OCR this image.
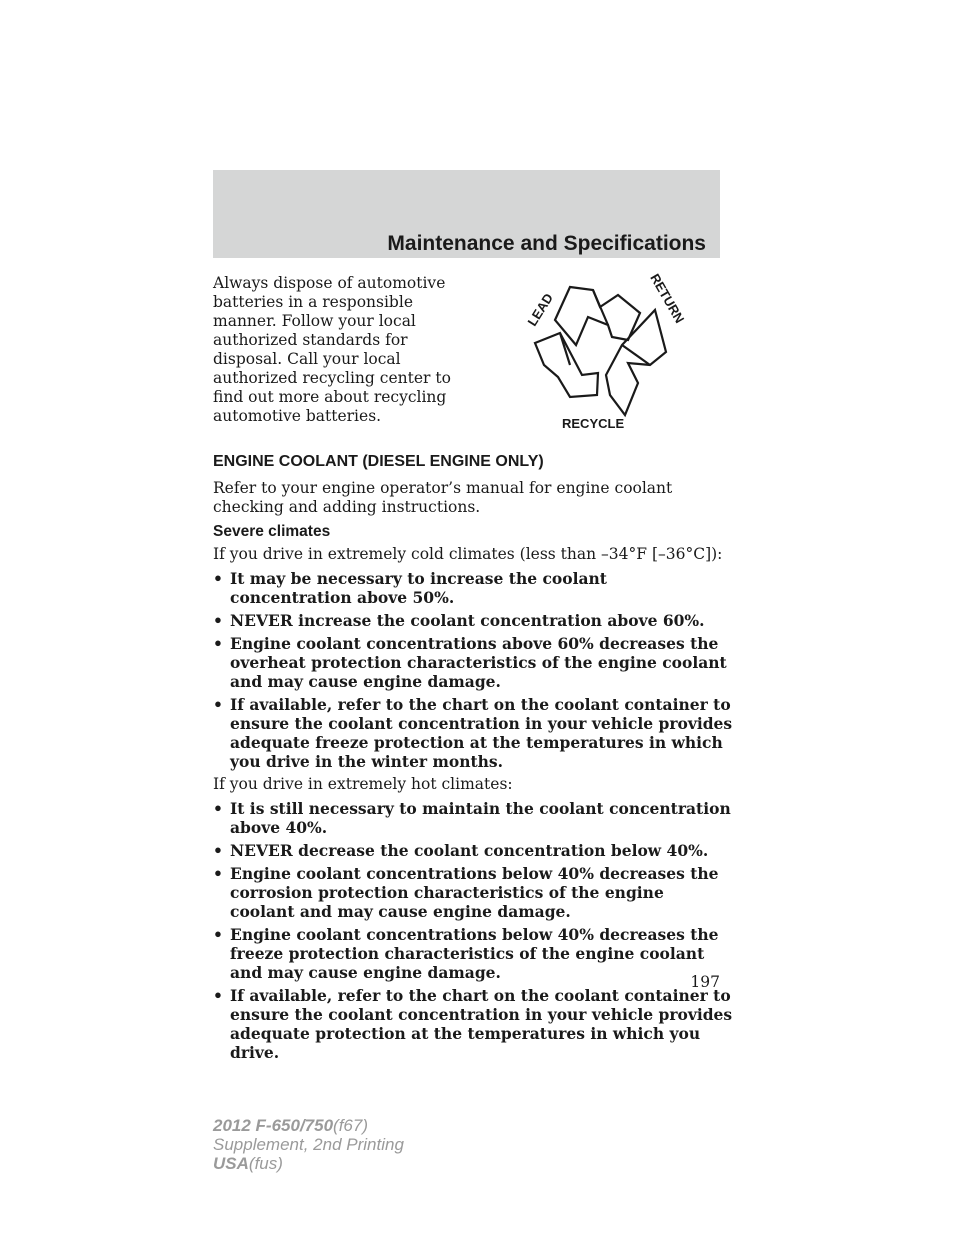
Maintenance and Specifications

Always dispose of automotive batteries in a responsible manner. Follow your local authorized standards for disposal. Call your local authorized recycling center to find out more about recycling automotive batteries.

LEAD	RETURN
RECYCLE
ENGINE COOLANT (DIESEL ENGINE ONLY)

Refer to your engine operator’s manual for engine coolant checking and adding instructions.

Severe climates

If you drive in extremely cold climates (less than –34°F [–36°C]):

• It may be necessary to increase the coolant concentration above 50%.
• NEVER increase the coolant concentration above 60%.
• Engine coolant concentrations above 60% decreases the overheat protection characteristics of the engine coolant and may cause engine damage.
• If available, refer to the chart on the coolant container to ensure the coolant concentration in your vehicle provides adequate freeze protection at the temperatures in which you drive in the winter months.

If you drive in extremely hot climates:

• It is still necessary to maintain the coolant concentration above 40%.
• NEVER decrease the coolant concentration below 40%.
• Engine coolant concentrations below 40% decreases the corrosion protection characteristics of the engine coolant and may cause engine damage.
• Engine coolant concentrations below 40% decreases the freeze protection characteristics of the engine coolant and may cause engine damage.
• If available, refer to the chart on the coolant container to ensure the coolant concentration in your vehicle provides adequate protection at the temperatures in which you drive.
197
2012 F-650/750(f67)
Supplement, 2nd Printing
USA(fus)
